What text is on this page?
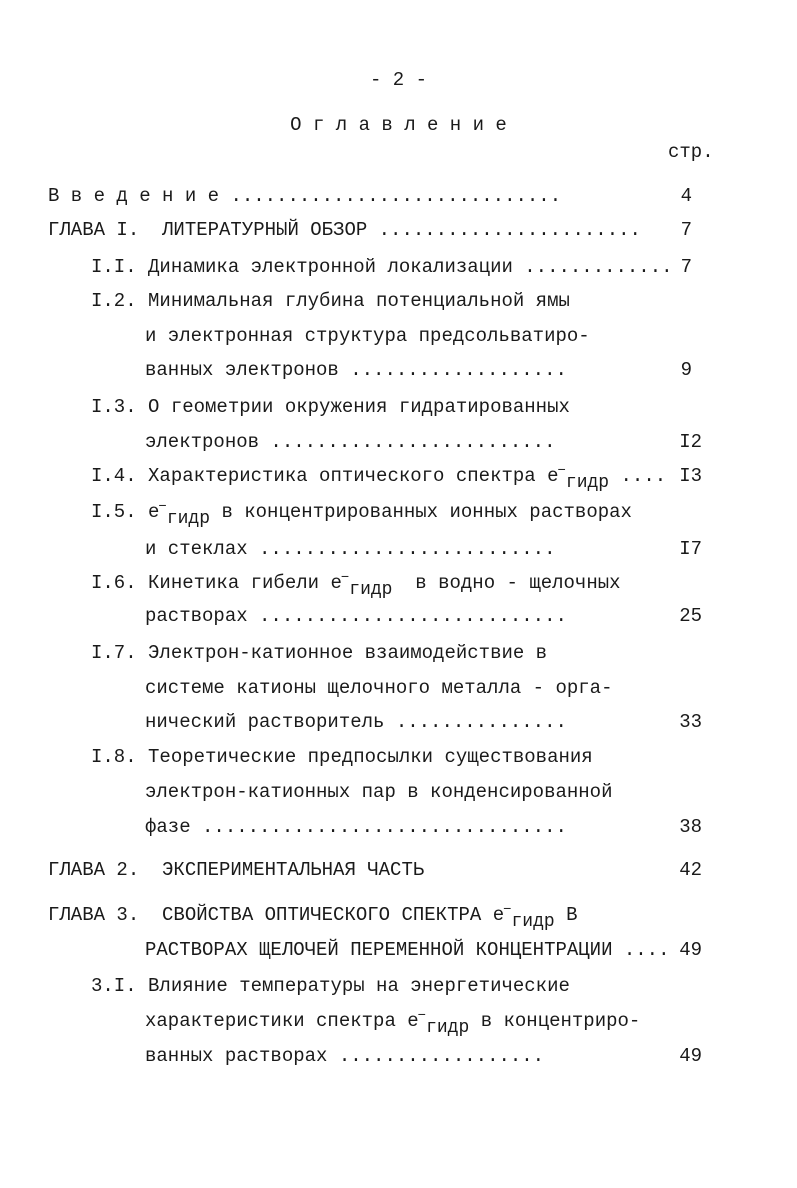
- 2 -
О г л а в л е н и е
стр.
В в е д е н и е .............................	4
ГЛАВА I.  ЛИТЕРАТУРНЫЙ ОБЗОР ....................... 7
I.I. Динамика электронной локализации ............. 7
I.2. Минимальная глубина потенциальной ямы
и электронная структура предсольватиро-
ванных электронов ...................	9
I.3. О геометрии окружения гидратированных
электронов .........................	I2
I.4. Характеристика оптического спектра e−гидр .... I3
I.5. e−гидр в концентрированных ионных растворах
и стеклах ..........................	I7
I.6. Кинетика гибели e−гидр в водно - щелочных
растворах ...........................	25
I.7. Электрон-катионное взаимодействие в
системе катионы щелочного металла - орга-
нический растворитель ...............	33
I.8. Теоретические предпосылки существования
электрон-катионных пар в конденсированной
фазе ................................	38
ГЛАВА 2.  ЭКСПЕРИМЕНТАЛЬНАЯ ЧАСТЬ	42
ГЛАВА 3.  СВОЙСТВА ОПТИЧЕСКОГО СПЕКТРА e−гидр В
РАСТВОРАХ ЩЕЛОЧЕЙ ПЕРЕМЕННОЙ КОНЦЕНТРАЦИИ .... 49
3.I. Влияние температуры на энергетические
характеристики спектра e−гидр в концентриро-
ванных растворах ..................	49
